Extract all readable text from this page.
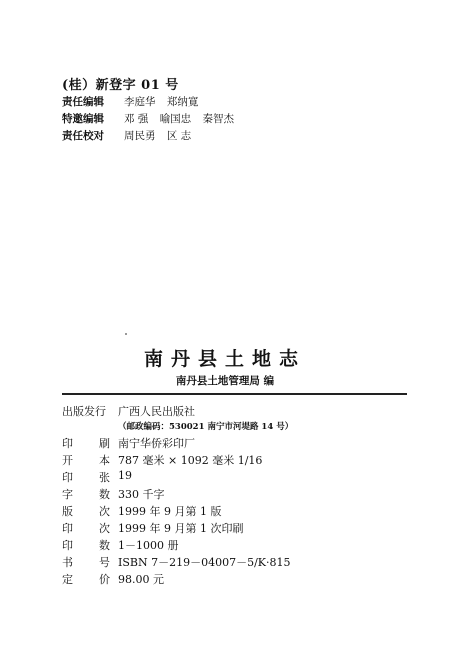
(桂）新登字 01 号
责任编辑	李庭华 郑纳寛
特邀编辑	邓 强 喻国忠 秦智杰
责任校对	周民勇 区 志
南丹县土地志
南丹县土地管理局 编
出版发行	广西人民出版社
（邮政编码：530021 南宁市河堤路 14 号）
印 刷 南宁华侨彩印厂
开 本 787 毫米 × 1092 毫米 1/16
印 张 19
字 数 330 千字
版 次 1999 年 9 月第 1 版
印 次 1999 年 9 月第 1 次印刷
印 数 1－1000 册
书 号 ISBN 7－219－04007－5/K·815
定 价 98.00 元
